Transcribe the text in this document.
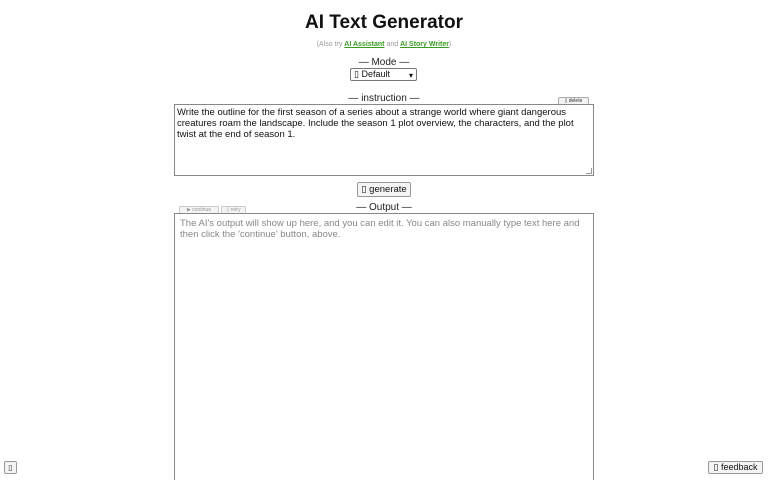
AI Text Generator
(Also try AI Assistant and AI Story Writer)
— Mode —
▯ Default ▾
— instruction —	▯ delete
Write the outline for the first season of a series about a strange world where giant dangerous creatures roam the landscape. Include the season 1 plot overview, the characters, and the plot twist at the end of season 1.
▯ generate
▶ continue	▯ retry	— Output —
The AI's output will show up here, and you can edit it. You can also manually type text here and then click the 'continue' button, above.
▯	▯ feedback
